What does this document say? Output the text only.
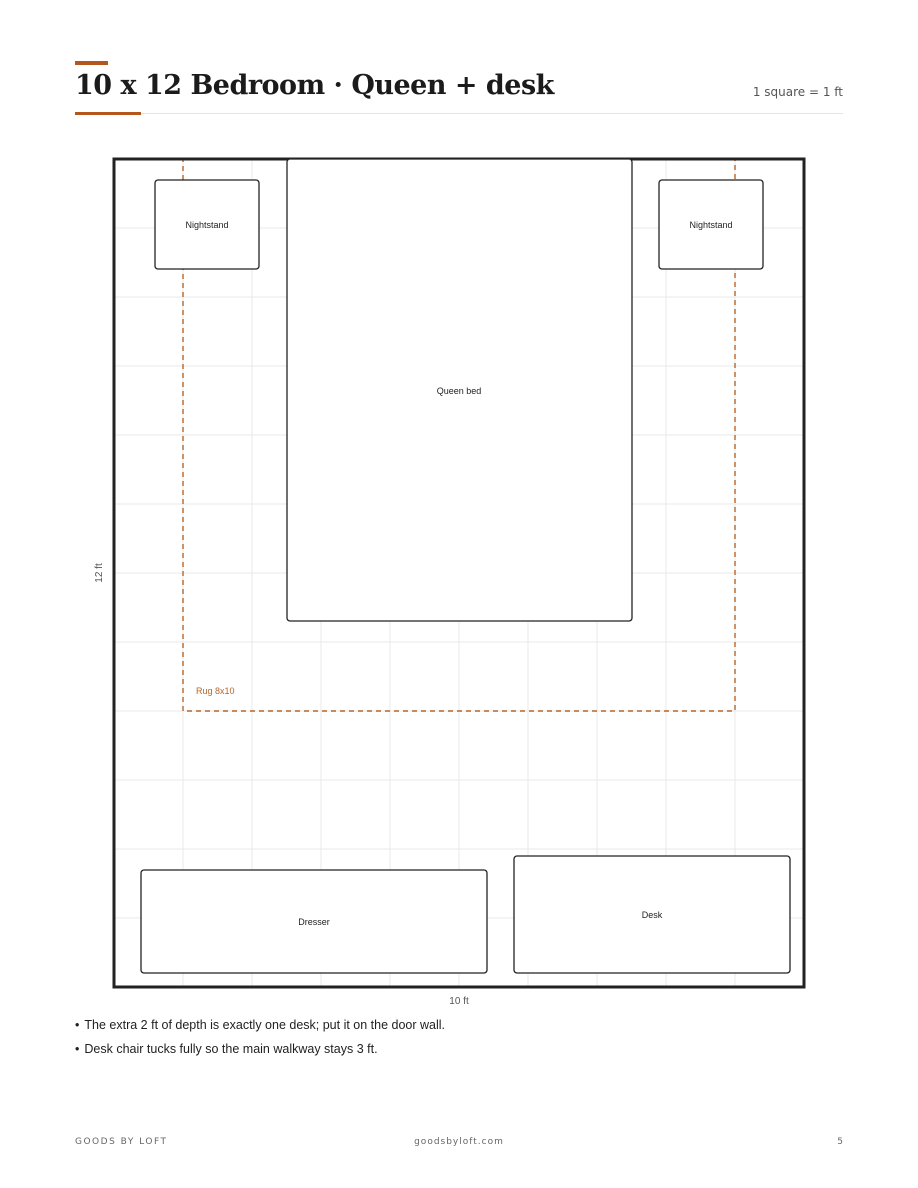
10 x 12 Bedroom · Queen + desk	1 square = 1 ft
Rug 8x10
Nightstand	Nightstand
Queen bed
Dresser
Desk
10 ft
12 ft
• The extra 2 ft of depth is exactly one desk; put it on the door wall.
• Desk chair tucks fully so the main walkway stays 3 ft.
GOODS BY LOFT	goodsbyloft.com	5
